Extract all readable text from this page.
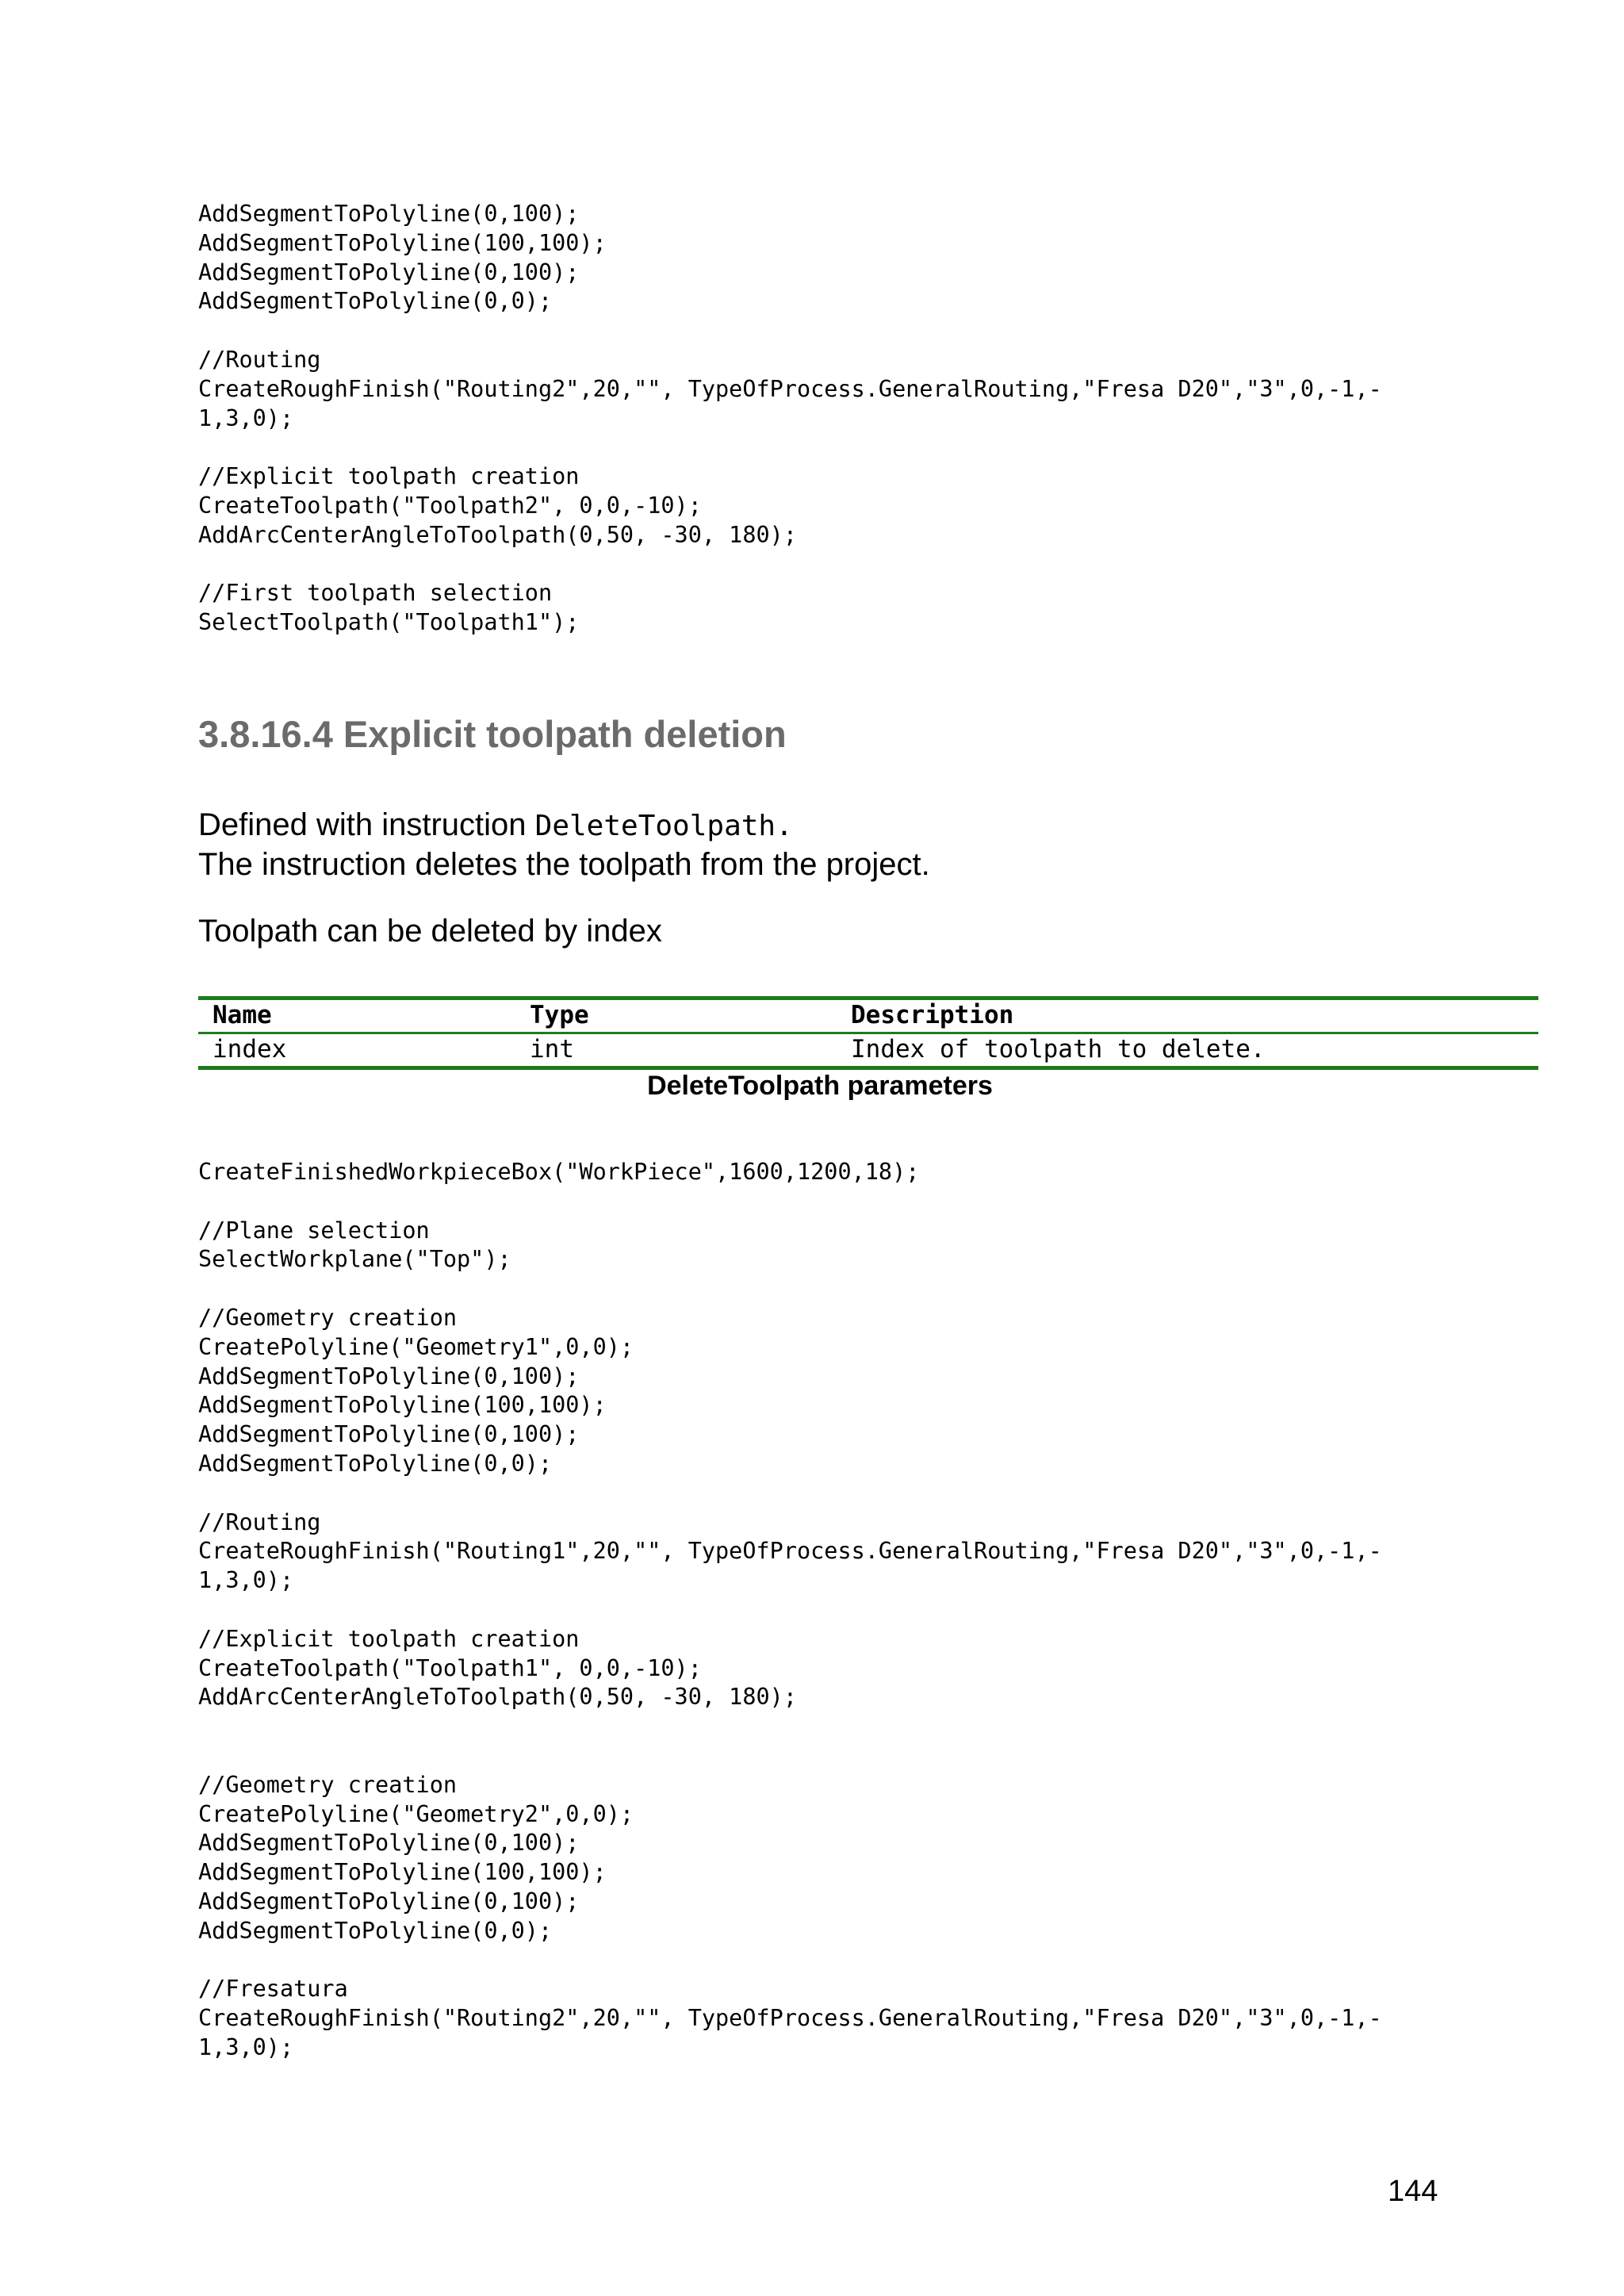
AddSegmentToPolyline(0,100);
AddSegmentToPolyline(100,100);
AddSegmentToPolyline(0,100);
AddSegmentToPolyline(0,0);
//Routing
CreateRoughFinish("Routing2",20,"", TypeOfProcess.GeneralRouting,"Fresa D20","3",0,-1,-
1,3,0);
//Explicit toolpath creation
CreateToolpath("Toolpath2", 0,0,-10);
AddArcCenterAngleToToolpath(0,50, -30, 180);
//First toolpath selection
SelectToolpath("Toolpath1");
3.8.16.4 Explicit toolpath deletion

Defined with instruction DeleteToolpath.
The instruction deletes the toolpath from the project.

Toolpath can be deleted by index

Name	Type	Description
index	int	Index of toolpath to delete.
DeleteToolpath parameters
CreateFinishedWorkpieceBox("WorkPiece",1600,1200,18);
//Plane selection
SelectWorkplane("Top");
//Geometry creation
CreatePolyline("Geometry1",0,0);
AddSegmentToPolyline(0,100);
AddSegmentToPolyline(100,100);
AddSegmentToPolyline(0,100);
AddSegmentToPolyline(0,0);
//Routing
CreateRoughFinish("Routing1",20,"", TypeOfProcess.GeneralRouting,"Fresa D20","3",0,-1,-
1,3,0);
//Explicit toolpath creation
CreateToolpath("Toolpath1", 0,0,-10);
AddArcCenterAngleToToolpath(0,50, -30, 180);
//Geometry creation
CreatePolyline("Geometry2",0,0);
AddSegmentToPolyline(0,100);
AddSegmentToPolyline(100,100);
AddSegmentToPolyline(0,100);
AddSegmentToPolyline(0,0);
//Fresatura
CreateRoughFinish("Routing2",20,"", TypeOfProcess.GeneralRouting,"Fresa D20","3",0,-1,-
1,3,0);

144
